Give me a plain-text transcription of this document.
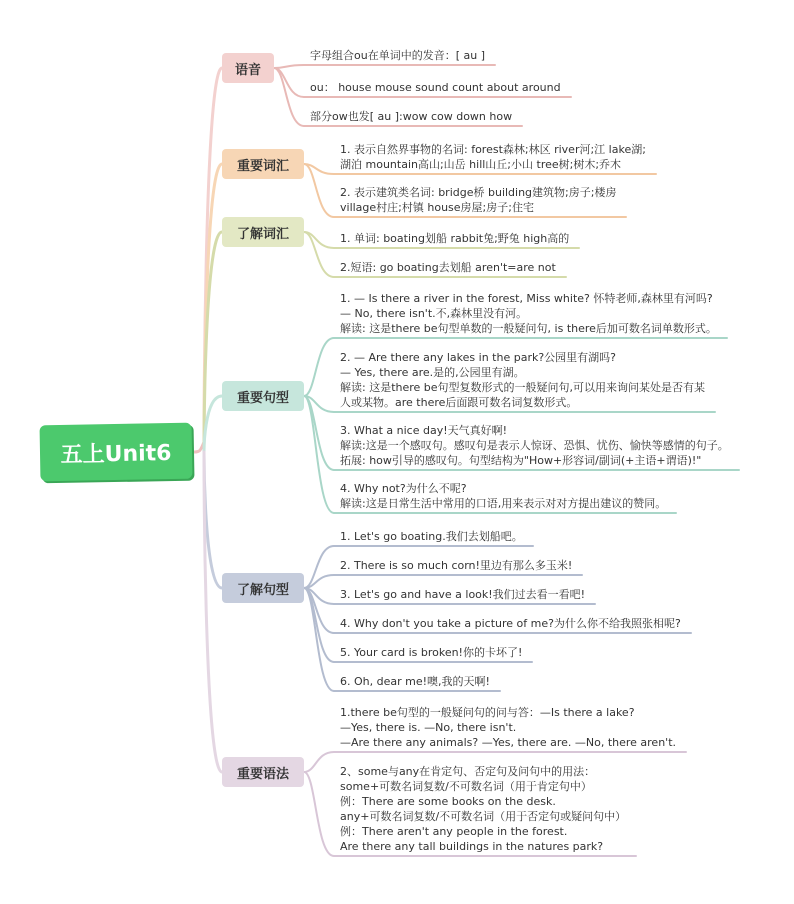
五上Unit6
语音
重要词汇
了解词汇
重要句型
了解句型
重要语法
字母组合ou在单词中的发音：[ au ]
ou： house mouse sound count about around
部分ow也发[ au ]:wow cow down how
1. 表示自然界事物的名词: forest森林;林区 river河;江 lake湖;
湖泊 mountain高山;山岳 hill山丘;小山 tree树;树木;乔木
2. 表示建筑类名词: bridge桥 building建筑物;房子;楼房
village村庄;村镇 house房屋;房子;住宅
1. 单词: boating划船 rabbit兔;野兔 high高的
2.短语: go boating去划船 aren't=are not
1. — Is there a river in the forest, Miss white? 怀特老师,森林里有河吗?
— No, there isn't.不,森林里没有河。
解读: 这是there be句型单数的一般疑问句, is there后加可数名词单数形式。
2. — Are there any lakes in the park?公园里有湖吗?
— Yes, there are.是的,公园里有湖。
解读: 这是there be句型复数形式的一般疑问句,可以用来询问某处是否有某
人或某物。are there后面跟可数名词复数形式。
3. What a nice day!天气真好啊!
解读:这是一个感叹句。感叹句是表示人惊讶、恐惧、忧伤、愉快等感情的句子。
拓展: how引导的感叹句。句型结构为"How+形容词/副词(+主语+谓语)!"
4. Why not?为什么不呢?
解读:这是日常生活中常用的口语,用来表示对对方提出建议的赞同。
1. Let's go boating.我们去划船吧。
2. There is so much corn!里边有那么多玉米!
3. Let's go and have a look!我们过去看一看吧!
4. Why don't you take a picture of me?为什么你不给我照张相呢?
5. Your card is broken!你的卡坏了!
6. Oh, dear me!噢,我的天啊!
1.there be句型的一般疑问句的问与答：—Is there a lake?
—Yes, there is. —No, there isn't.
—Are there any animals? —Yes, there are. —No, there aren't.
2、some与any在肯定句、否定句及问句中的用法：
some+可数名词复数/不可数名词（用于肯定句中）
例：There are some books on the desk.
any+可数名词复数/不可数名词（用于否定句或疑问句中）
例：There aren't any people in the forest.
Are there any tall buildings in the natures park?
